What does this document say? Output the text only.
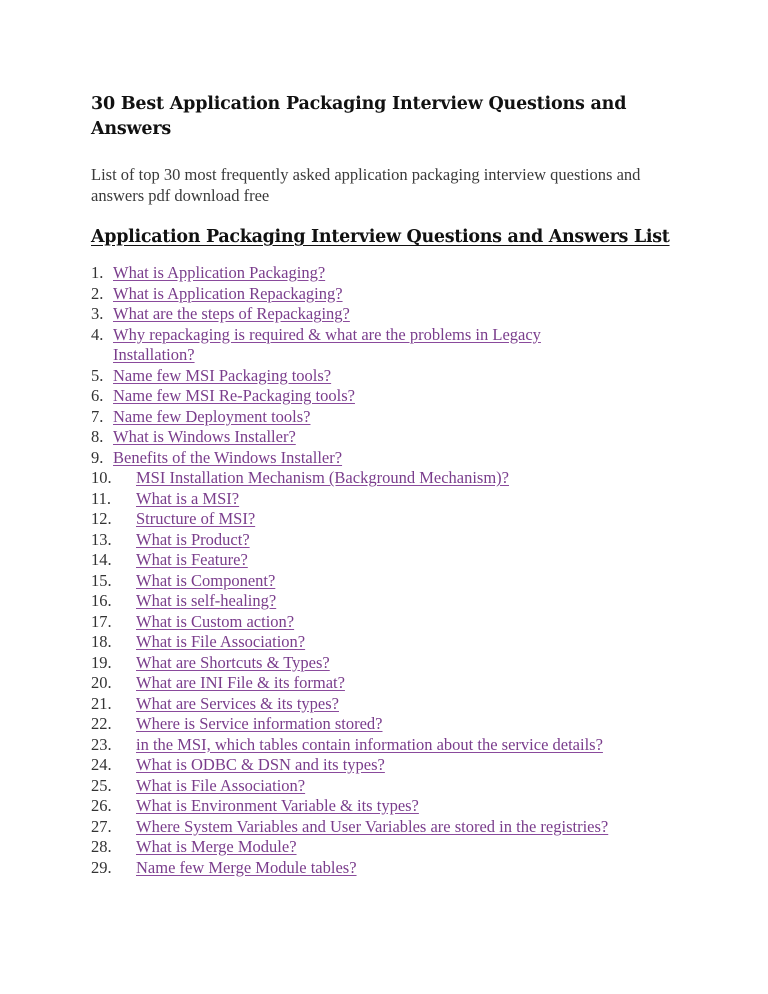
30 Best Application Packaging Interview Questions and Answers

List of top 30 most frequently asked application packaging interview questions and answers pdf download free

Application Packaging Interview Questions and Answers List
1. What is Application Packaging?
2. What is Application Repackaging?
3. What are the steps of Repackaging?
4. Why repackaging is required & what are the problems in Legacy Installation?
5. Name few MSI Packaging tools?
6. Name few MSI Re-Packaging tools?
7. Name few Deployment tools?
8. What is Windows Installer?
9. Benefits of the Windows Installer?
10.	MSI Installation Mechanism (Background Mechanism)?
11.	What is a MSI?
12.	Structure of MSI?
13.	What is Product?
14.	What is Feature?
15.	What is Component?
16.	What is self-healing?
17.	What is Custom action?
18.	What is File Association?
19.	What are Shortcuts & Types?
20.	What are INI File & its format?
21.	What are Services & its types?
22.	Where is Service information stored?
23.	in the MSI, which tables contain information about the service details?
24.	What is ODBC & DSN and its types?
25.	What is File Association?
26.	What is Environment Variable & its types?
27.	Where System Variables and User Variables are stored in the registries?
28.	What is Merge Module?
29.	Name few Merge Module tables?
